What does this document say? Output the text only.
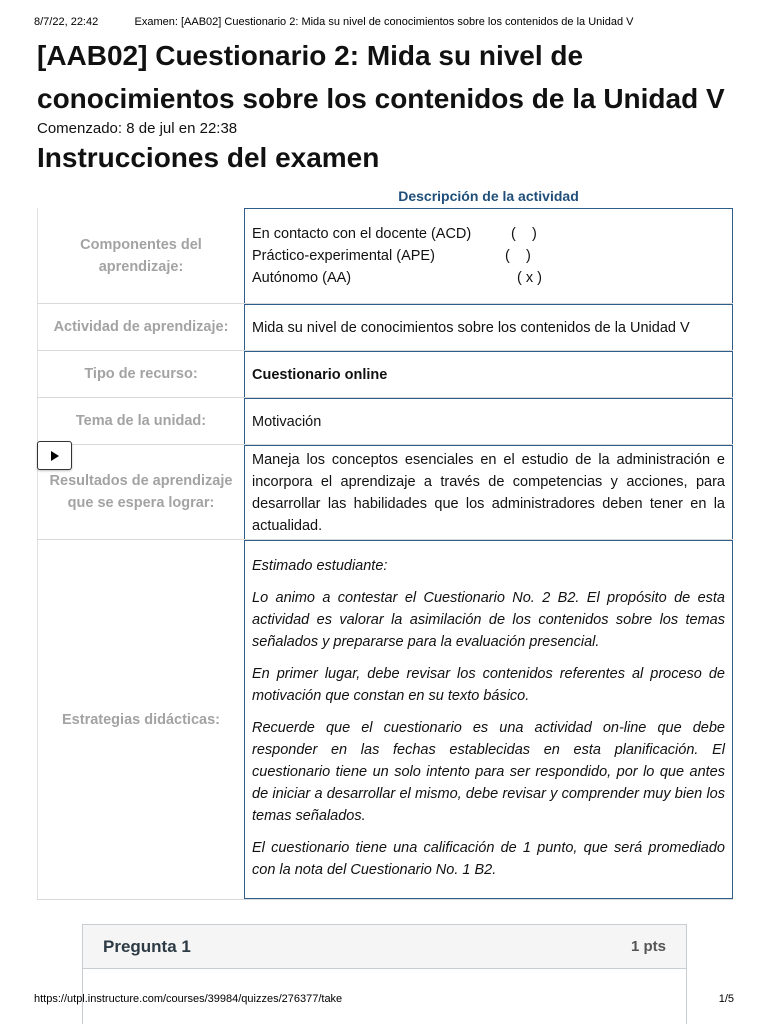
8/7/22, 22:42	Examen: [AAB02] Cuestionario 2: Mida su nivel de conocimientos sobre los contenidos de la Unidad V
[AAB02] Cuestionario 2: Mida su nivel de conocimientos sobre los contenidos de la Unidad V
Comenzado: 8 de jul en 22:38
Instrucciones del examen
Descripción de la actividad
Componentes del aprendizaje:
En contacto con el docente (ACD)	(    )
Práctico-experimental (APE)	(    )
Autónomo (AA)	( x )
Actividad de aprendizaje:	Mida su nivel de conocimientos sobre los contenidos de la Unidad V
Tipo de recurso:	Cuestionario online
Tema de la unidad:	Motivación
Resultados de aprendizaje que se espera lograr:
Maneja los conceptos esenciales en el estudio de la administración e incorpora el aprendizaje a través de competencias y acciones, para desarrollar las habilidades que los administradores deben tener en la actualidad.
Estrategias didácticas:

Estimado estudiante:

Lo animo a contestar el Cuestionario No. 2 B2. El propósito de esta actividad es valorar la asimilación de los contenidos sobre los temas señalados y prepararse para la evaluación presencial.

En primer lugar, debe revisar los contenidos referentes al proceso de motivación que constan en su texto básico.

Recuerde que el cuestionario es una actividad on-line que debe responder en las fechas establecidas en esta planificación. El cuestionario tiene un solo intento para ser respondido, por lo que antes de iniciar a desarrollar el mismo, debe revisar y comprender muy bien los temas señalados.

El cuestionario tiene una calificación de 1 punto, que será promediado con la nota del Cuestionario No. 1 B2.

Pregunta 1	1 pts
https://utpl.instructure.com/courses/39984/quizzes/276377/take	1/5
